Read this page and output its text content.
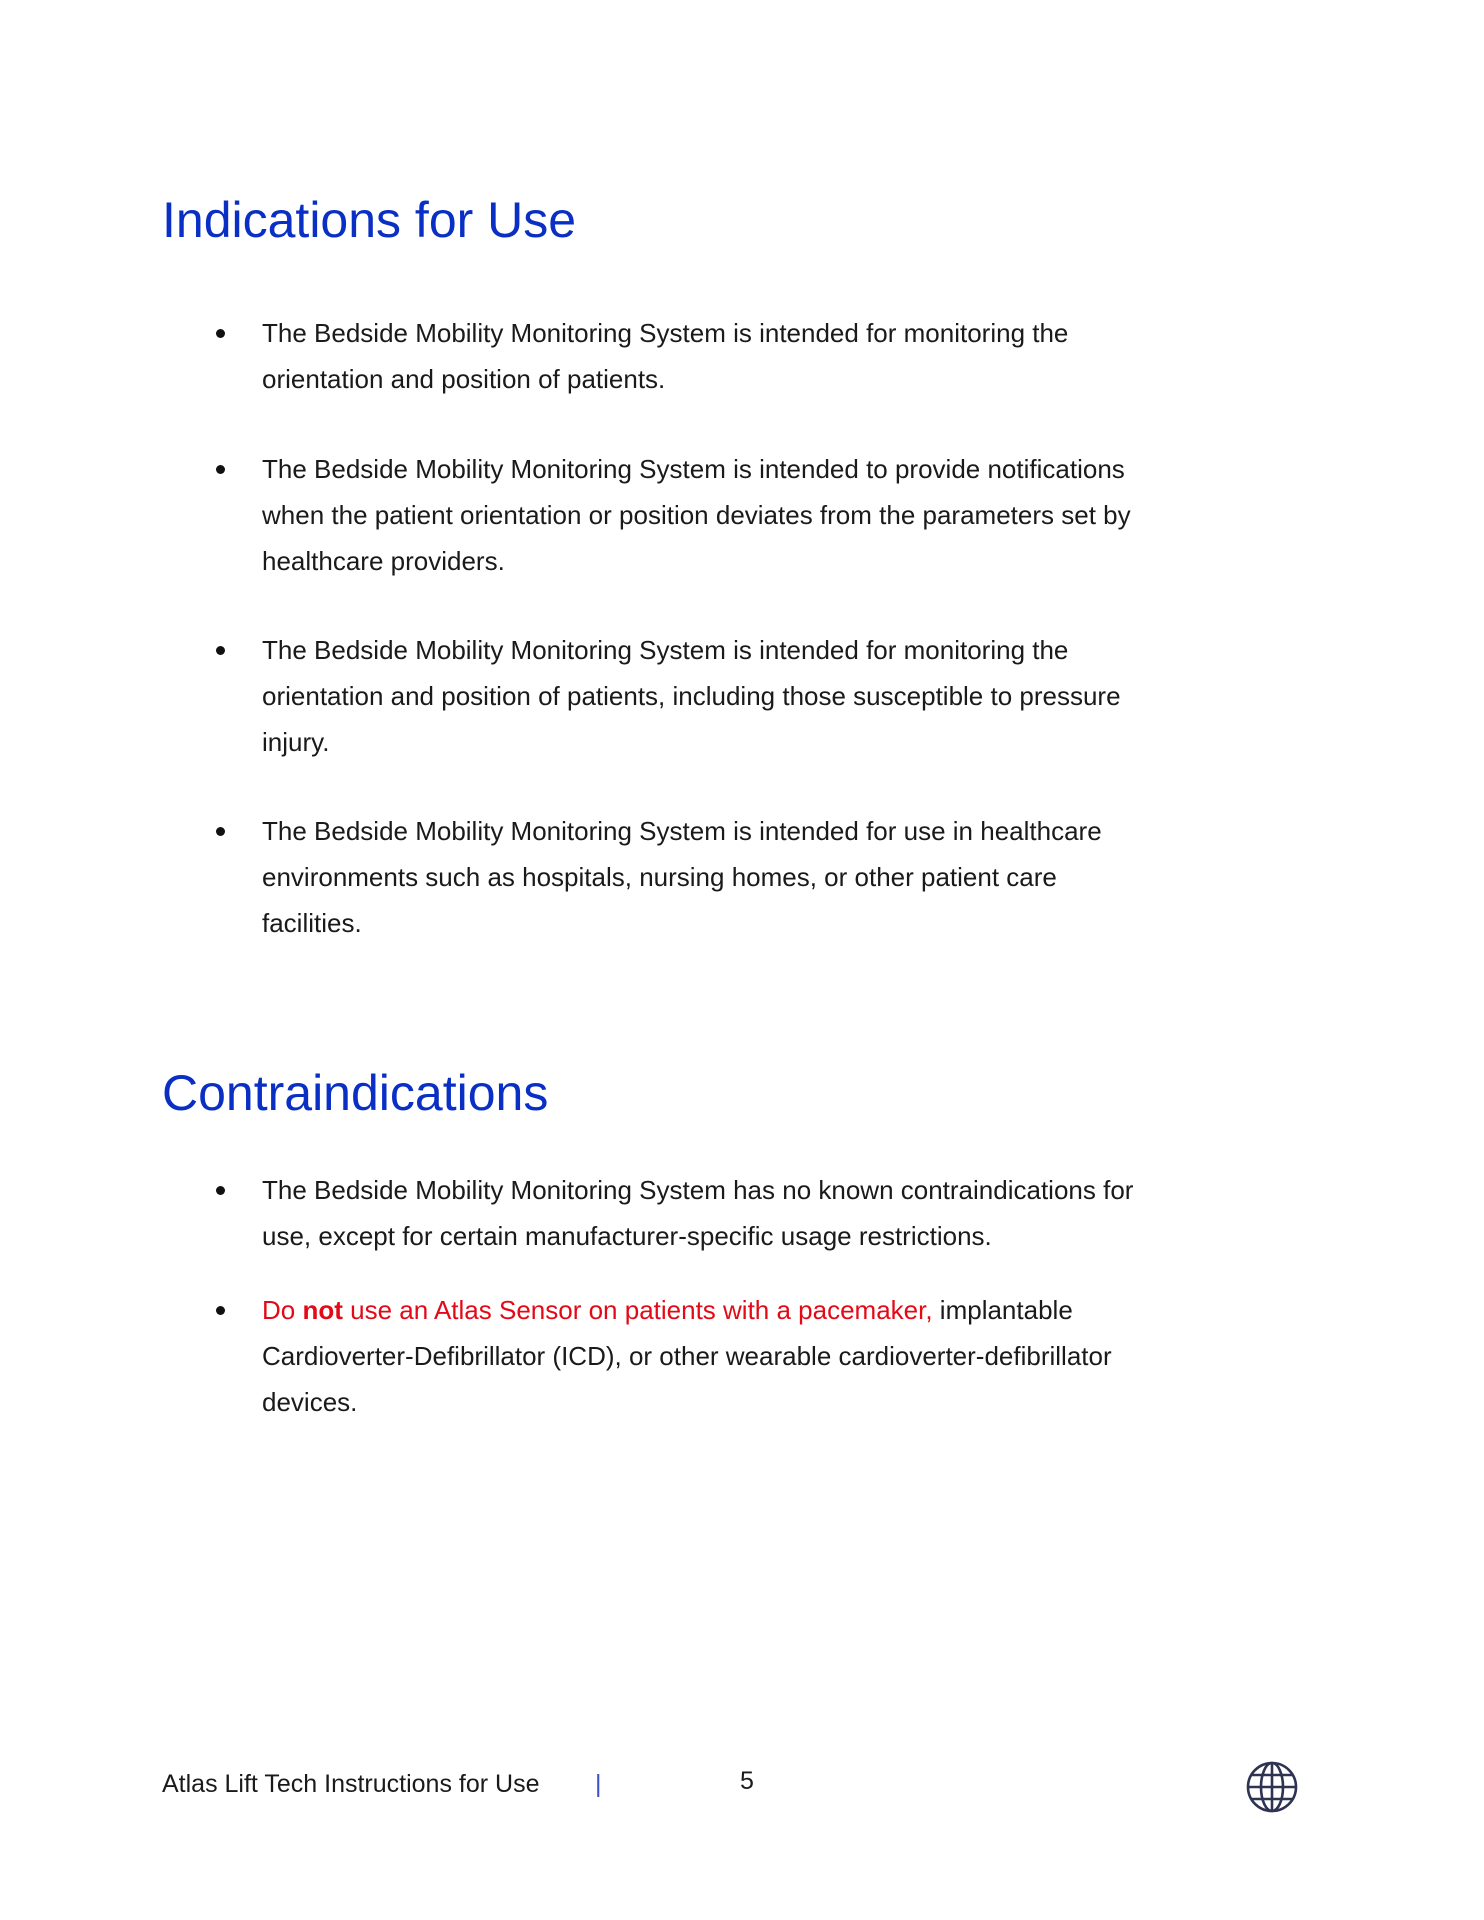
Indications for Use
The Bedside Mobility Monitoring System is intended for monitoring the
orientation and position of patients.
The Bedside Mobility Monitoring System is intended to provide notifications
when the patient orientation or position deviates from the parameters set by
healthcare providers.
The Bedside Mobility Monitoring System is intended for monitoring the
orientation and position of patients, including those susceptible to pressure
injury.
The Bedside Mobility Monitoring System is intended for use in healthcare
environments such as hospitals, nursing homes, or other patient care
facilities.
Contraindications
The Bedside Mobility Monitoring System has no known contraindications for
use, except for certain manufacturer-specific usage restrictions.
Do not use an Atlas Sensor on patients with a pacemaker, implantable
Cardioverter-Defibrillator (ICD), or other wearable cardioverter-defibrillator
devices.
Atlas Lift Tech Instructions for Use |	5
